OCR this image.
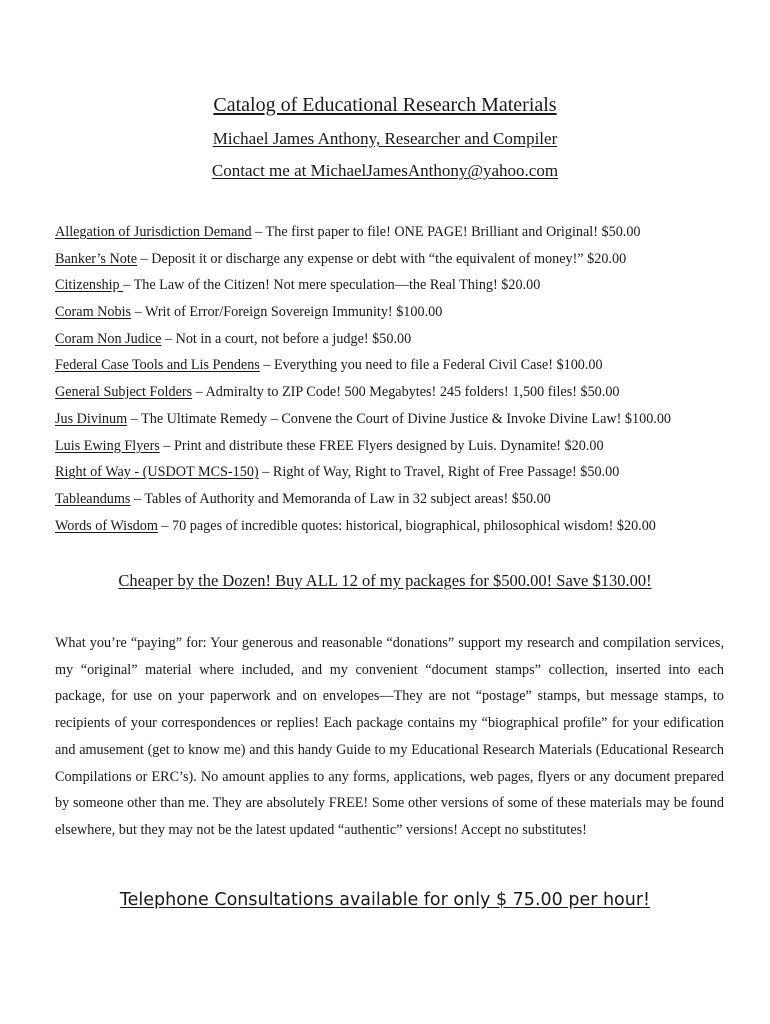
Catalog of Educational Research Materials
Michael James Anthony, Researcher and Compiler
Contact me at MichaelJamesAnthony@yahoo.com
Allegation of Jurisdiction Demand – The first paper to file! ONE PAGE! Brilliant and Original! $50.00
Banker’s Note – Deposit it or discharge any expense or debt with “the equivalent of money!” $20.00
Citizenship – The Law of the Citizen! Not mere speculation—the Real Thing! $20.00
Coram Nobis – Writ of Error/Foreign Sovereign Immunity! $100.00
Coram Non Judice – Not in a court, not before a judge! $50.00
Federal Case Tools and Lis Pendens – Everything you need to file a Federal Civil Case! $100.00
General Subject Folders – Admiralty to ZIP Code! 500 Megabytes! 245 folders! 1,500 files! $50.00
Jus Divinum – The Ultimate Remedy – Convene the Court of Divine Justice & Invoke Divine Law! $100.00
Luis Ewing Flyers – Print and distribute these FREE Flyers designed by Luis. Dynamite! $20.00
Right of Way - (USDOT MCS-150) – Right of Way, Right to Travel, Right of Free Passage! $50.00
Tableandums – Tables of Authority and Memoranda of Law in 32 subject areas! $50.00
Words of Wisdom – 70 pages of incredible quotes: historical, biographical, philosophical wisdom! $20.00
Cheaper by the Dozen! Buy ALL 12 of my packages for $500.00! Save $130.00!

What you’re “paying” for: Your generous and reasonable “donations” support my research and compilation services, my “original” material where included, and my convenient “document stamps” collection, inserted into each package, for use on your paperwork and on envelopes—They are not “postage” stamps, but message stamps, to recipients of your correspondences or replies! Each package contains my “biographical profile” for your edification and amusement (get to know me) and this handy Guide to my Educational Research Materials (Educational Research Compilations or ERC’s). No amount applies to any forms, applications, web pages, flyers or any document prepared by someone other than me. They are absolutely FREE! Some other versions of some of these materials may be found elsewhere, but they may not be the latest updated “authentic” versions! Accept no substitutes!

Telephone Consultations available for only $ 75.00 per hour!
